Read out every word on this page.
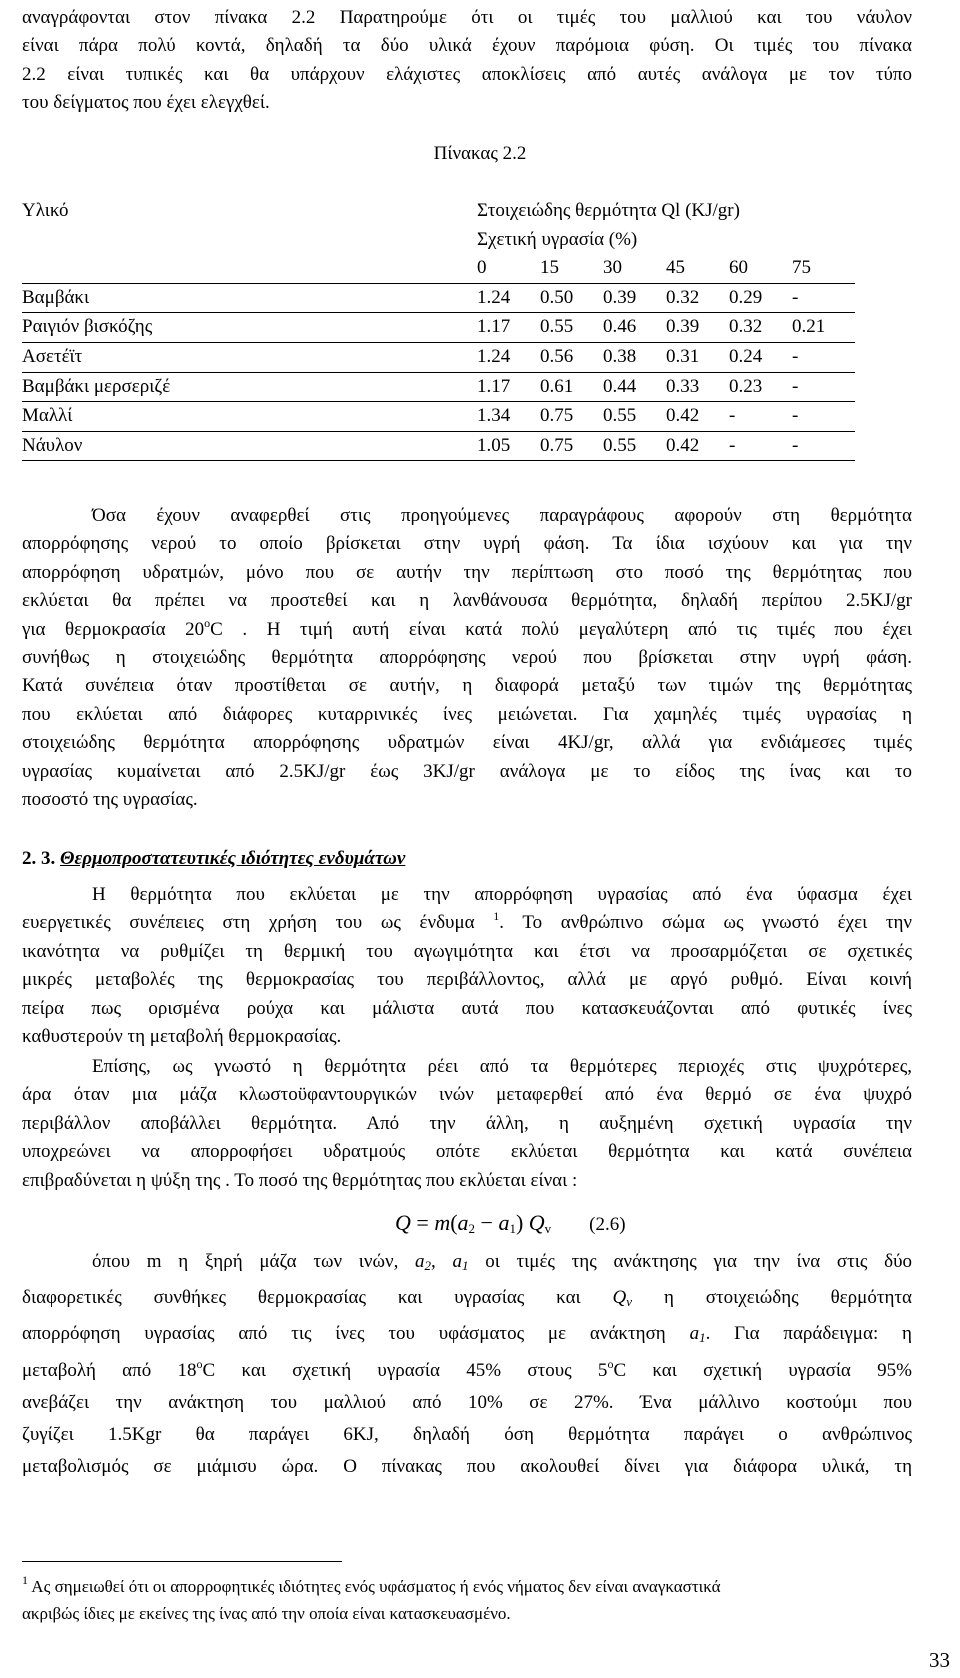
αναγράφονται στον πίνακα 2.2 Παρατηρούμε ότι οι τιμές του μαλλιού και του νάυλον
είναι πάρα πολύ κοντά, δηλαδή τα δύο υλικά έχουν παρόμοια φύση. Οι τιμές του πίνακα
2.2 είναι τυπικές και θα υπάρχουν ελάχιστες αποκλίσεις από αυτές ανάλογα με τον τύπο
του δείγματος που έχει ελεγχθεί.
Πίνακας 2.2
Υλικό	Στοιχειώδης θερμότητα Ql (KJ/gr)					
	Σχετική υγρασία (%)					
	0	15	30	45	60	75
Βαμβάκι	1.24	0.50	0.39	0.32	0.29	-
Ραιγιόν βισκόζης	1.17	0.55	0.46	0.39	0.32	0.21
Ασετέϊτ	1.24	0.56	0.38	0.31	0.24	-
Βαμβάκι μερσεριζέ	1.17	0.61	0.44	0.33	0.23	-
Μαλλί	1.34	0.75	0.55	0.42	-	-
Νάυλον	1.05	0.75	0.55	0.42	-	-
Όσα έχουν αναφερθεί στις προηγούμενες παραγράφους αφορούν στη θερμότητα
απορρόφησης νερού το οποίο βρίσκεται στην υγρή φάση. Τα ίδια ισχύουν και για την
απορρόφηση υδρατμών, μόνο που σε αυτήν την περίπτωση στο ποσό της θερμότητας που
εκλύεται θα πρέπει να προστεθεί και η λανθάνουσα θερμότητα, δηλαδή περίπου 2.5KJ/gr
για θερμοκρασία 20$^o$C . Η τιμή αυτή είναι κατά πολύ μεγαλύτερη από τις τιμές που έχει
συνήθως η στοιχειώδης θερμότητα απορρόφησης νερού που βρίσκεται στην υγρή φάση.
Κατά συνέπεια όταν προστίθεται σε αυτήν, η διαφορά μεταξύ των τιμών της θερμότητας
που εκλύεται από διάφορες κυταρρινικές ίνες μειώνεται. Για χαμηλές τιμές υγρασίας η
στοιχειώδης θερμότητα απορρόφησης υδρατμών είναι 4KJ/gr, αλλά για ενδιάμεσες τιμές
υγρασίας κυμαίνεται από 2.5KJ/gr έως 3KJ/gr ανάλογα με το είδος της ίνας και το
ποσοστό της υγρασίας.
2. 3. Θερμοπροστατευτικές ιδιότητες ενδυμάτων
Η θερμότητα που εκλύεται με την απορρόφηση υγρασίας από ένα ύφασμα έχει
ευεργετικές συνέπειες στη χρήση του ως ένδυμα $^1$. Το ανθρώπινο σώμα ως γνωστό έχει την
ικανότητα να ρυθμίζει τη θερμική του αγωγιμότητα και έτσι να προσαρμόζεται σε σχετικές
μικρές μεταβολές της θερμοκρασίας του περιβάλλοντος, αλλά με αργό ρυθμό. Είναι κοινή
πείρα πως ορισμένα ρούχα και μάλιστα αυτά που κατασκευάζονται από φυτικές ίνες
καθυστερούν τη μεταβολή θερμοκρασίας.
Επίσης, ως γνωστό η θερμότητα ρέει από τα θερμότερες περιοχές στις ψυχρότερες,
άρα όταν μια μάζα κλωστοϋφαντουργικών ινών μεταφερθεί από ένα θερμό σε ένα ψυχρό
περιβάλλον αποβάλλει θερμότητα. Από την άλλη, η αυξημένη σχετική υγρασία την
υποχρεώνει να απορροφήσει υδρατμούς οπότε εκλύεται θερμότητα και κατά συνέπεια
επιβραδύνεται η ψύξη της . Το ποσό της θερμότητας που εκλύεται είναι :
$Q = m(a_2 - a_1)$ $Q_v$ (2.6)
όπου m η ξηρή μάζα των ινών, $a_2$, $a_1$ οι τιμές της ανάκτησης για την ίνα στις δύο
διαφορετικές συνθήκες θερμοκρασίας και υγρασίας και $Q_v$ η στοιχειώδης θερμότητα
απορρόφηση υγρασίας από τις ίνες του υφάσματος με ανάκτηση $a_1$. Για παράδειγμα: η
μεταβολή από 18$^o$C και σχετική υγρασία 45% στους 5$^o$C και σχετική υγρασία 95%
ανεβάζει την ανάκτηση του μαλλιού από 10% σε 27%. Ένα μάλλινο κοστούμι που
ζυγίζει 1.5Kgr θα παράγει 6KJ, δηλαδή όση θερμότητα παράγει ο ανθρώπινος
μεταβολισμός σε μιάμισυ ώρα. Ο πίνακας που ακολουθεί δίνει για διάφορα υλικά, τη
$^1$ Ας σημειωθεί ότι οι απορροφητικές ιδιότητες ενός υφάσματος ή ενός νήματος δεν είναι αναγκαστικά
ακριβώς ίδιες με εκείνες της ίνας από την οποία είναι κατασκευασμένο.
33
